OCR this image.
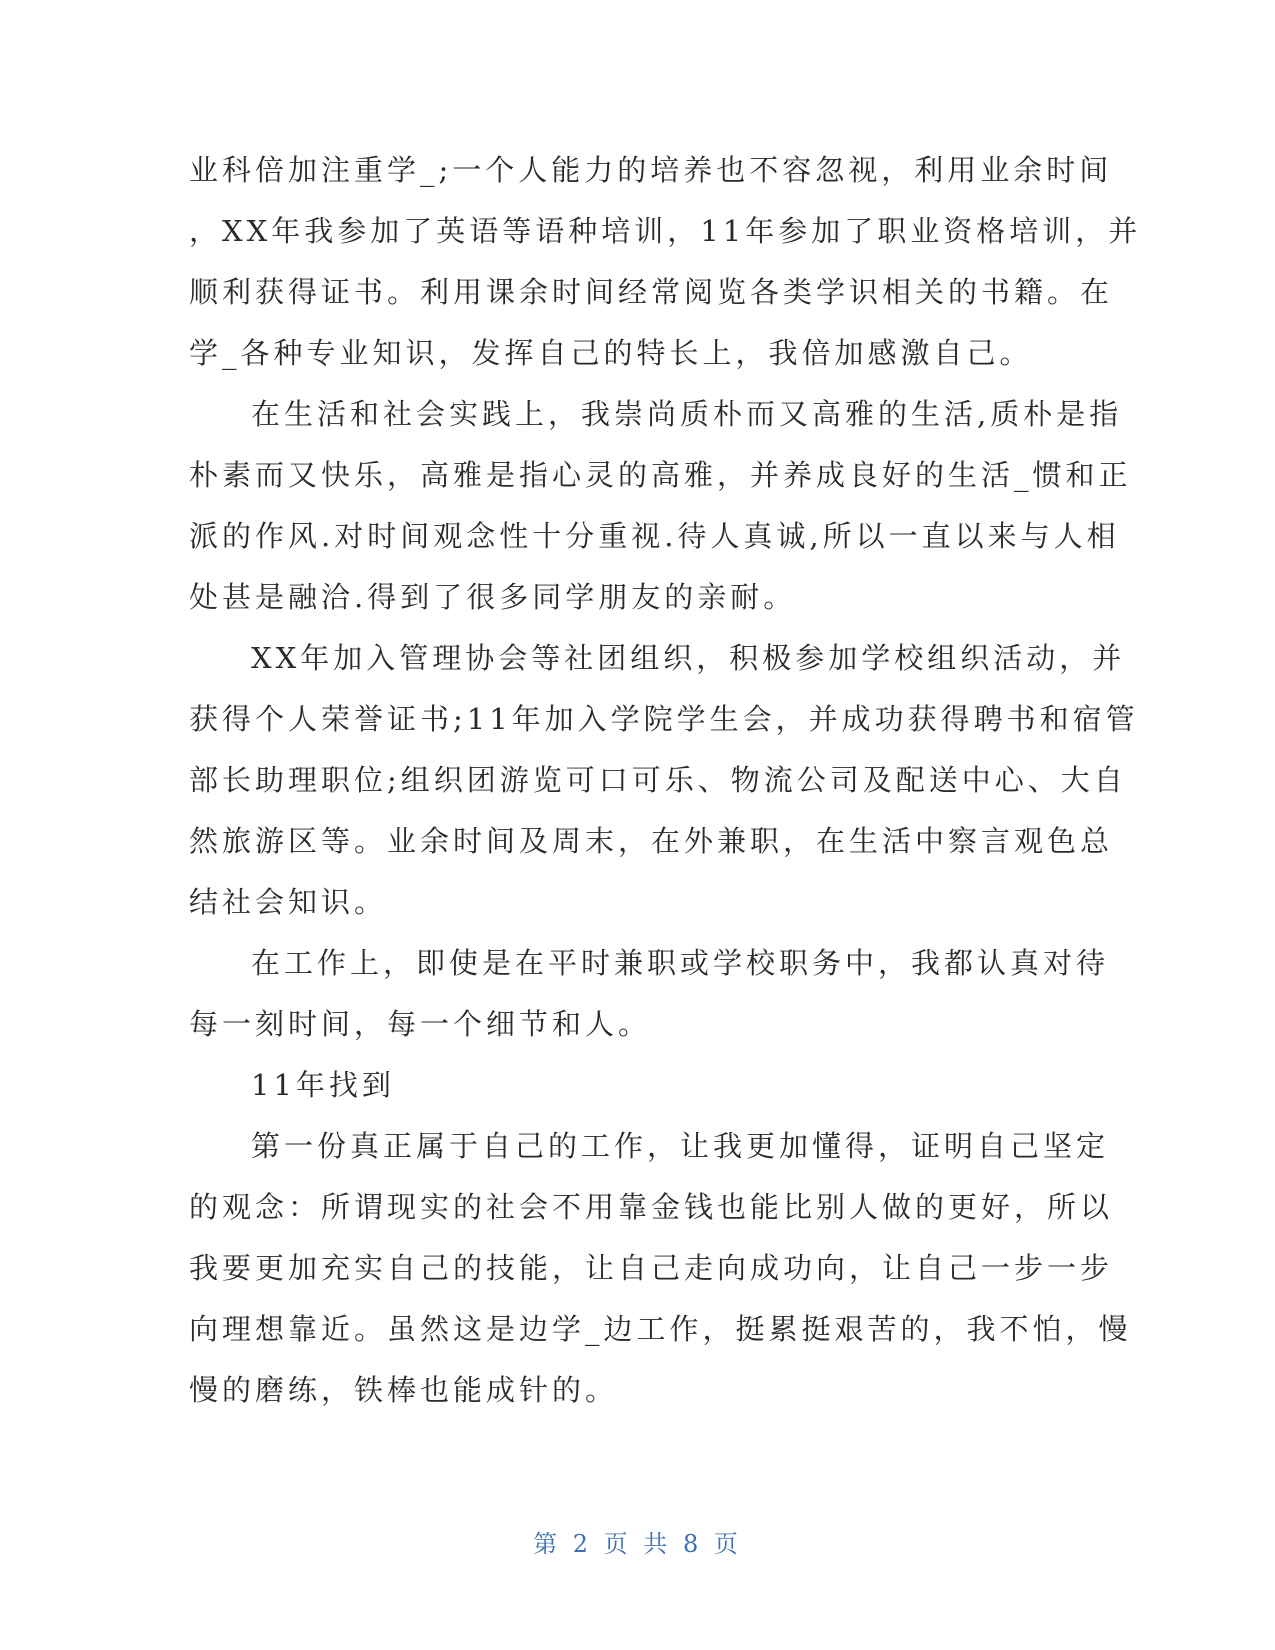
业科倍加注重学_;一个人能力的培养也不容忽视，利用业余时间
，XX年我参加了英语等语种培训，11年参加了职业资格培训，并
顺利获得证书。利用课余时间经常阅览各类学识相关的书籍。在
学_各种专业知识，发挥自己的特长上，我倍加感激自己。
在生活和社会实践上，我崇尚质朴而又高雅的生活,质朴是指
朴素而又快乐，高雅是指心灵的高雅，并养成良好的生活_惯和正
派的作风.对时间观念性十分重视.待人真诚,所以一直以来与人相
处甚是融洽.得到了很多同学朋友的亲耐。
XX年加入管理协会等社团组织，积极参加学校组织活动，并
获得个人荣誉证书;11年加入学院学生会，并成功获得聘书和宿管
部长助理职位;组织团游览可口可乐、物流公司及配送中心、大自
然旅游区等。业余时间及周末，在外兼职，在生活中察言观色总
结社会知识。
在工作上，即使是在平时兼职或学校职务中，我都认真对待
每一刻时间，每一个细节和人。
11年找到
第一份真正属于自己的工作，让我更加懂得，证明自己坚定
的观念：所谓现实的社会不用靠金钱也能比别人做的更好，所以
我要更加充实自己的技能，让自己走向成功向，让自己一步一步
向理想靠近。虽然这是边学_边工作，挺累挺艰苦的，我不怕，慢
慢的磨练，铁棒也能成针的。
第 2 页 共 8 页
